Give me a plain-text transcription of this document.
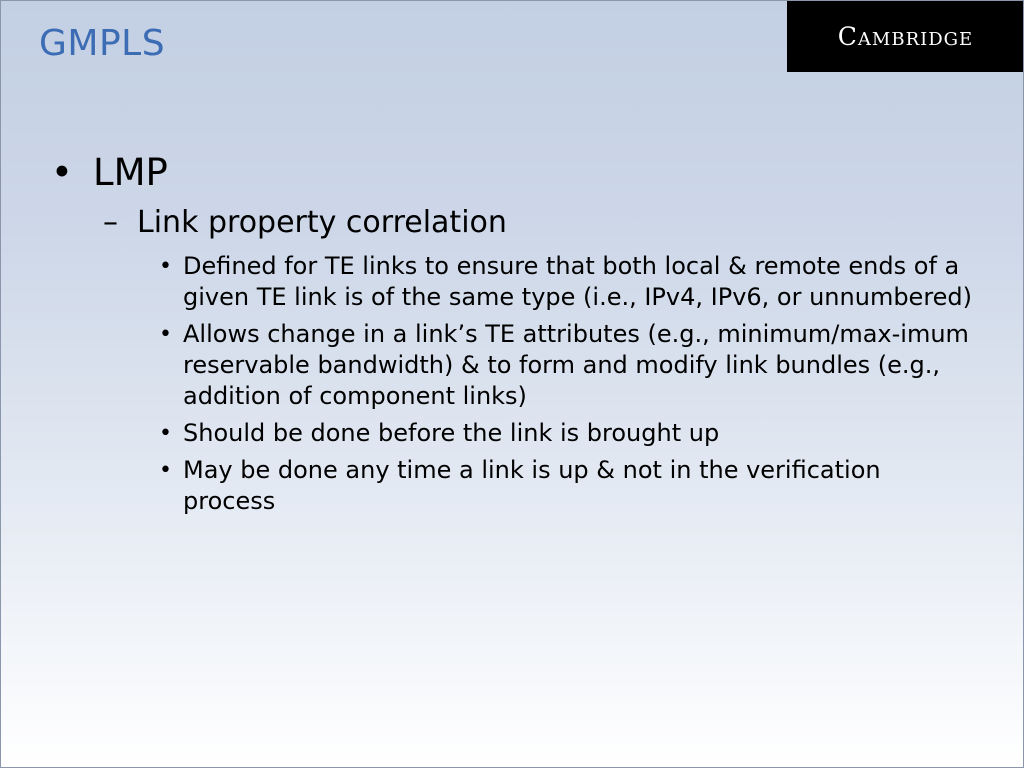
GMPLS	Cambridge
• LMP
– Link property correlation
• Defined for TE links to ensure that both local & remote ends of a given TE link is of the same type (i.e., IPv4, IPv6, or unnumbered)
• Allows change in a link’s TE attributes (e.g., minimum/max-imum reservable bandwidth) & to form and modify link bundles (e.g., addition of component links)
• Should be done before the link is brought up
• May be done any time a link is up & not in the verification process
